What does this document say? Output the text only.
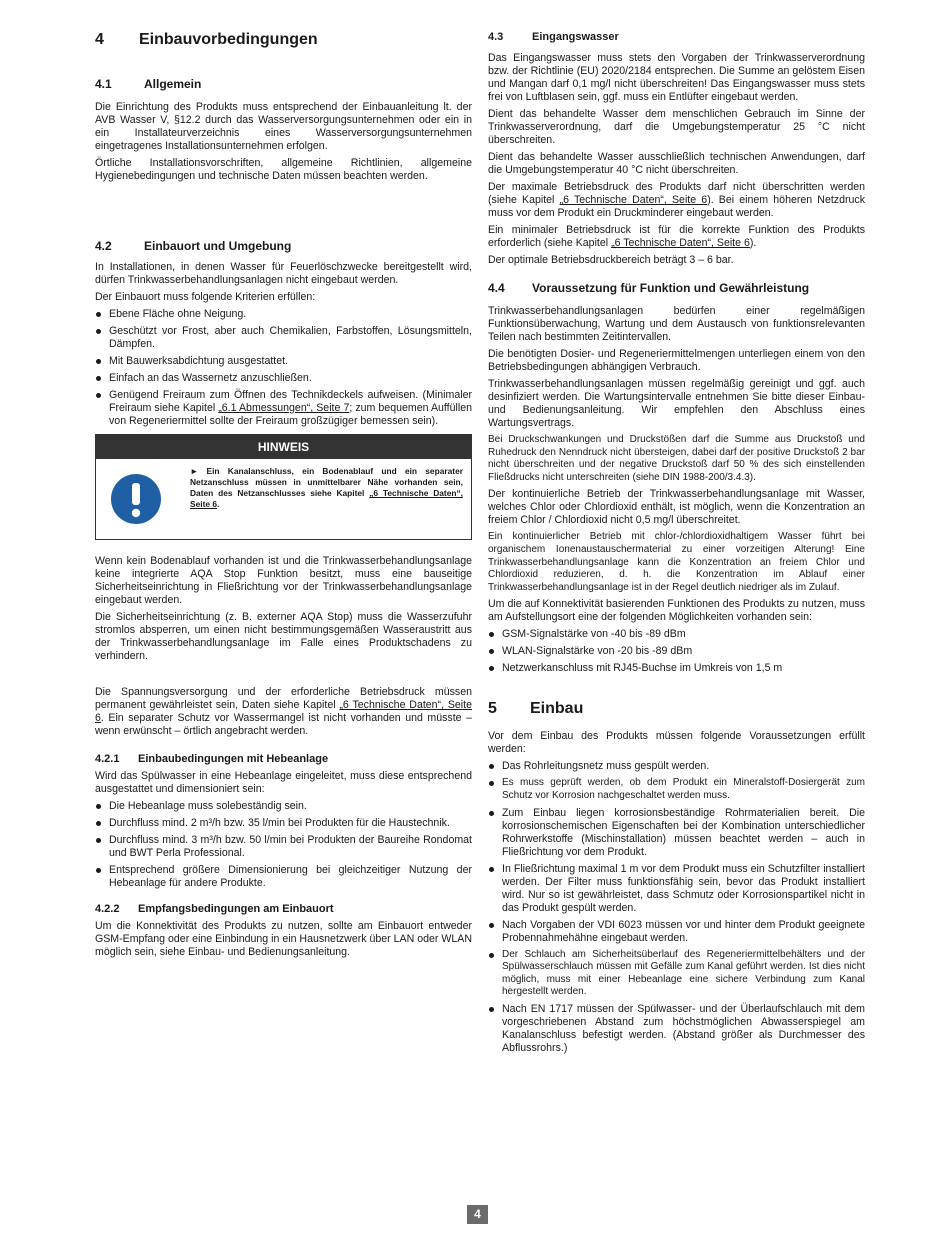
4	Einbauvorbedingungen
4.1	Allgemein

Die Einrichtung des Produkts muss entsprechend der Einbauanleitung lt. der AVB Wasser V, §12.2 durch das Wasserversorgungsunternehmen oder ein in ein Installateurverzeichnis eines Wasserversorgungsunternehmen eingetragenes Installationsunternehmen erfolgen.

Örtliche Installationsvorschriften, allgemeine Richtlinien, allgemeine Hygienebedingungen und technische Daten müssen beachten werden.

4.2	Einbauort und Umgebung

In Installationen, in denen Wasser für Feuerlöschzwecke bereitgestellt wird, dürfen Trinkwasserbehandlungsanlagen nicht eingebaut werden.

Der Einbauort muss folgende Kriterien erfüllen:

Ebene Fläche ohne Neigung.
Geschützt vor Frost, aber auch Chemikalien, Farbstoffen, Lösungsmitteln, Dämpfen.
Mit Bauwerksabdichtung ausgestattet.
Einfach an das Wassernetz anzuschließen.
Genügend Freiraum zum Öffnen des Technikdeckels aufweisen. (Minimaler Freiraum siehe Kapitel „6.1 Abmessungen“, Seite 7; zum bequemen Auffüllen von Regeneriermittel sollte der Freiraum großzügiger bemessen sein).
HINWEIS
► Ein Kanalanschluss, ein Bodenablauf und ein separater Netzanschluss müssen in unmittelbarer Nähe vorhanden sein, Daten des Netzanschlusses siehe Kapitel „6 Technische Daten“, Seite 6.

Wenn kein Bodenablauf vorhanden ist und die Trinkwasserbehandlungsanlage keine integrierte AQA Stop Funktion besitzt, muss eine bauseitige Sicherheitseinrichtung in Fließrichtung vor der Trinkwasserbehandlungsanlage eingebaut werden.

Die Sicherheitseinrichtung (z. B. externer AQA Stop) muss die Wasserzufuhr stromlos absperren, um einen nicht bestimmungsgemäßen Wasseraustritt aus der Trinkwasserbehandlungsanlage im Falle eines Produktschadens zu verhindern.

Die Spannungsversorgung und der erforderliche Betriebsdruck müssen permanent gewährleistet sein, Daten siehe Kapitel „6 Technische Daten“, Seite 6. Ein separater Schutz vor Wassermangel ist nicht vorhanden und müsste – wenn erwünscht – örtlich angebracht werden.

4.2.1	Einbaubedingungen mit Hebeanlage

Wird das Spülwasser in eine Hebeanlage eingeleitet, muss diese entsprechend ausgestattet und dimensioniert sein:

Die Hebeanlage muss solebeständig sein.
Durchfluss mind. 2 m³/h bzw. 35 l/min bei Produkten für die Haustechnik.
Durchfluss mind. 3 m³/h bzw. 50 l/min bei Produkten der Baureihe Rondomat und BWT Perla Professional.
Entsprechend größere Dimensionierung bei gleichzeitiger Nutzung der Hebeanlage für andere Produkte.
4.2.2	Empfangsbedingungen am Einbauort

Um die Konnektivität des Produkts zu nutzen, sollte am Einbauort entweder GSM-Empfang oder eine Einbindung in ein Hausnetzwerk über LAN oder WLAN möglich sein, siehe Einbau- und Bedienungsanleitung.

4.3	Eingangswasser

Das Eingangswasser muss stets den Vorgaben der Trinkwasserverordnung bzw. der Richtlinie (EU) 2020/2184 entsprechen. Die Summe an gelöstem Eisen und Mangan darf 0,1 mg/l nicht überschreiten! Das Eingangswasser muss stets frei von Luftblasen sein, ggf. muss ein Entlüfter eingebaut werden.

Dient das behandelte Wasser dem menschlichen Gebrauch im Sinne der Trinkwasserverordnung, darf die Umgebungstemperatur 25 °C nicht überschreiten.

Dient das behandelte Wasser ausschließlich technischen Anwendungen, darf die Umgebungstemperatur 40 °C nicht überschreiten.

Der maximale Betriebsdruck des Produkts darf nicht überschritten werden (siehe Kapitel „6 Technische Daten“, Seite 6). Bei einem höheren Netzdruck muss vor dem Produkt ein Druckminderer eingebaut werden.

Ein minimaler Betriebsdruck ist für die korrekte Funktion des Produkts erforderlich (siehe Kapitel „6 Technische Daten“, Seite 6).

Der optimale Betriebsdruckbereich beträgt 3 – 6 bar.

4.4	Voraussetzung für Funktion und Gewährleistung

Trinkwasserbehandlungsanlagen bedürfen einer regelmäßigen Funktionsüberwachung, Wartung und dem Austausch von funktionsrelevanten Teilen nach bestimmten Zeitintervallen.

Die benötigten Dosier- und Regeneriermittelmengen unterliegen einem von den Betriebsbedingungen abhängigen Verbrauch.

Trinkwasserbehandlungsanlagen müssen regelmäßig gereinigt und ggf. auch desinfiziert werden. Die Wartungsintervalle entnehmen Sie bitte dieser Einbau- und Bedienungsanleitung. Wir empfehlen den Abschluss eines Wartungsvertrags.

Bei Druckschwankungen und Druckstößen darf die Summe aus Druckstoß und Ruhedruck den Nenndruck nicht übersteigen, dabei darf der positive Druckstoß 2 bar nicht überschreiten und der negative Druckstoß darf 50 % des sich einstellenden Fließdrucks nicht unterschreiten (siehe DIN 1988-200/3.4.3).

Der kontinuierliche Betrieb der Trinkwasserbehandlungsanlage mit Wasser, welches Chlor oder Chlordioxid enthält, ist möglich, wenn die Konzentration an freiem Chlor / Chlordioxid nicht 0,5 mg/l überschreitet.

Ein kontinuierlicher Betrieb mit chlor-/chlordioxidhaltigem Wasser führt bei organischem Ionenaustauschermaterial zu einer vorzeitigen Alterung! Eine Trinkwasserbehandlungsanlage kann die Konzentration an freiem Chlor und Chlordioxid reduzieren, d. h. die Konzentration im Ablauf einer Trinkwasserbehandlungsanlage ist in der Regel deutlich niedriger als im Zulauf.

Um die auf Konnektivität basierenden Funktionen des Produkts zu nutzen, muss am Aufstellungsort eine der folgenden Möglichkeiten vorhanden sein:

GSM-Signalstärke von -40 bis -89 dBm
WLAN-Signalstärke von -20 bis -89 dBm
Netzwerkanschluss mit RJ45-Buchse im Umkreis von 1,5 m
5	Einbau

Vor dem Einbau des Produkts müssen folgende Voraussetzungen erfüllt werden:

Das Rohrleitungsnetz muss gespült werden.
Es muss geprüft werden, ob dem Produkt ein Mineralstoff-Dosiergerät zum Schutz vor Korrosion nachgeschaltet werden muss.
Zum Einbau liegen korrosionsbeständige Rohrmaterialien bereit. Die korrosionschemischen Eigenschaften bei der Kombination unterschiedlicher Rohrwerkstoffe (Mischinstallation) müssen beachtet werden – auch in Fließrichtung vor dem Produkt.
In Fließrichtung maximal 1 m vor dem Produkt muss ein Schutzfilter installiert werden. Der Filter muss funktionsfähig sein, bevor das Produkt installiert wird. Nur so ist gewährleistet, dass Schmutz oder Korrosionspartikel nicht in das Produkt gespült werden.
Nach Vorgaben der VDI 6023 müssen vor und hinter dem Produkt geeignete Probennahmehähne eingebaut werden.
Der Schlauch am Sicherheitsüberlauf des Regeneriermittelbehälters und der Spülwasserschlauch müssen mit Gefälle zum Kanal geführt werden. Ist dies nicht möglich, muss mit einer Hebeanlage eine sichere Verbindung zum Kanal hergestellt werden.
Nach EN 1717 müssen der Spülwasser- und der Überlaufschlauch mit dem vorgeschriebenen Abstand zum höchstmöglichen Abwasserspiegel am Kanalanschluss befestigt werden. (Abstand größer als Durchmesser des Abflussrohrs.)
4
